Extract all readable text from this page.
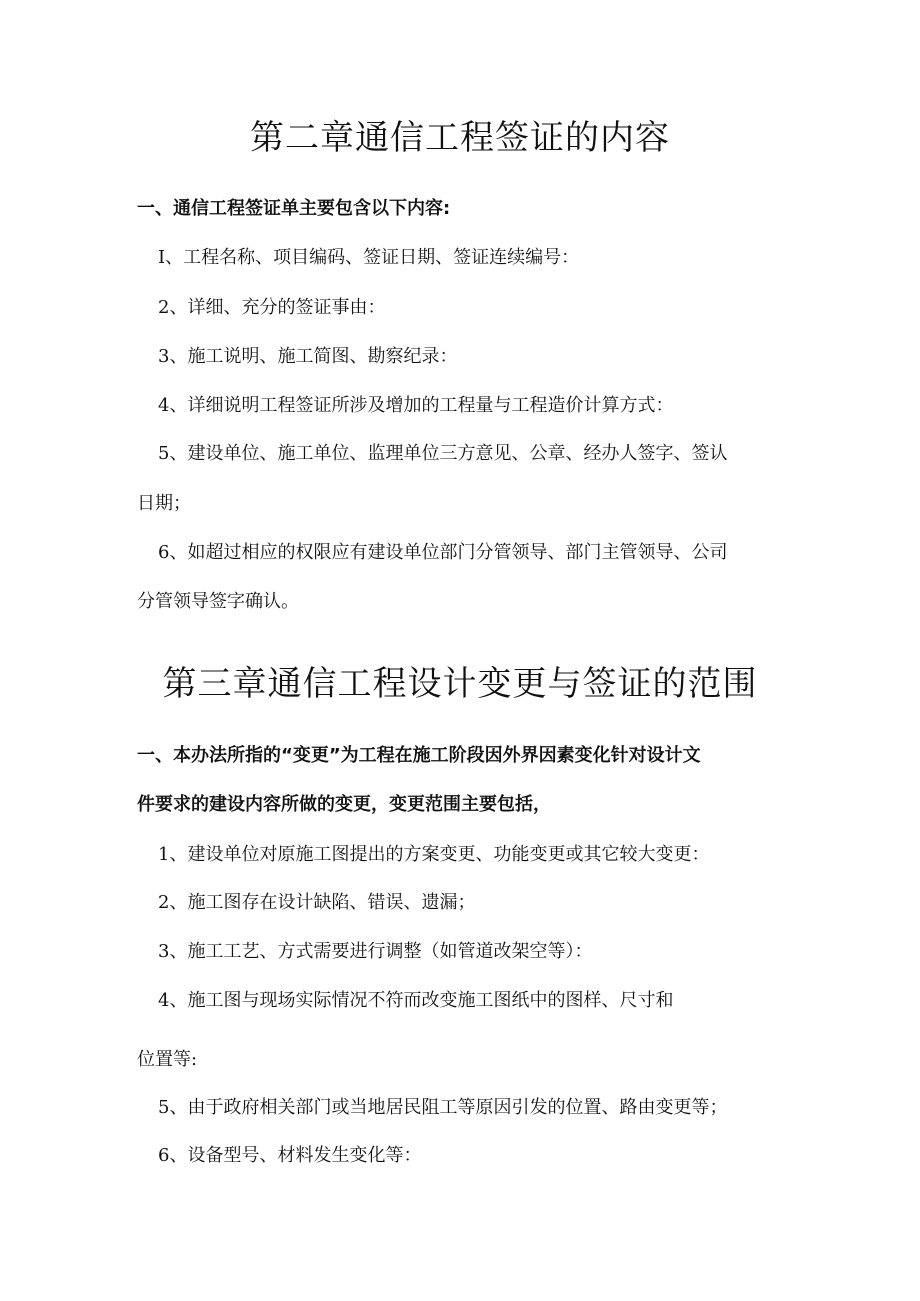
第二章通信工程签证的内容

一、通信工程签证单主要包含以下内容:

I、工程名称、项目编码、签证日期、签证连续编号：

2、详细、充分的签证事由：

3、施工说明、施工简图、勘察纪录：

4、详细说明工程签证所涉及增加的工程量与工程造价计算方式：

5、建设单位、施工单位、监理单位三方意见、公章、经办人签字、签认

日期；

6、如超过相应的权限应有建设单位部门分管领导、部门主管领导、公司

分管领导签字确认。

第三章通信工程设计变更与签证的范围

一、本办法所指的“变更”为工程在施工阶段因外界因素变化针对设计文

件要求的建设内容所做的变更，变更范围主要包括，

1、建设单位对原施工图提出的方案变更、功能变更或其它较大变更：

2、施工图存在设计缺陷、错误、遗漏；

3、施工工艺、方式需要进行调整（如管道改架空等）：

4、施工图与现场实际情况不符而改变施工图纸中的图样、尺寸和

位置等:

5、由于政府相关部门或当地居民阻工等原因引发的位置、路由变更等；

6、设备型号、材料发生变化等：
